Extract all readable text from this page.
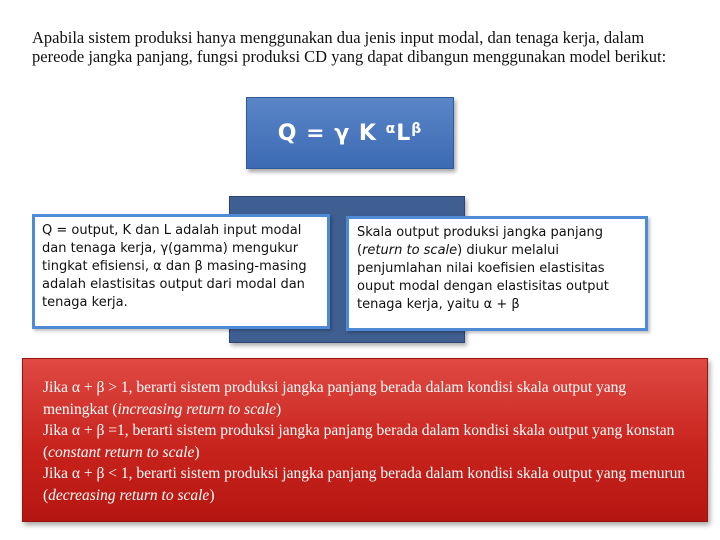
Apabila sistem produksi hanya menggunakan dua jenis input modal, dan tenaga kerja, dalam pereode jangka panjang, fungsi produksi CD yang dapat dibangun menggunakan model berikut:

Q = γ K $^\alpha L^\beta$
Q = output, K dan L adalah input modal dan tenaga kerja, γ(gamma) mengukur tingkat efisiensi, α dan β masing-masing adalah elastisitas output dari modal dan tenaga kerja.
Skala output produksi jangka panjang (return to scale) diukur melalui penjumlahan nilai koefisien elastisitas ouput modal dengan elastisitas output tenaga kerja, yaitu α + β

Jika α + β > 1, berarti sistem produksi jangka panjang berada dalam kondisi skala output yang meningkat (increasing return to scale)

Jika α + β =1, berarti sistem produksi jangka panjang berada dalam kondisi skala output yang konstan (constant return to scale)

Jika α + β < 1, berarti sistem produksi jangka panjang berada dalam kondisi skala output yang menurun (decreasing return to scale)
